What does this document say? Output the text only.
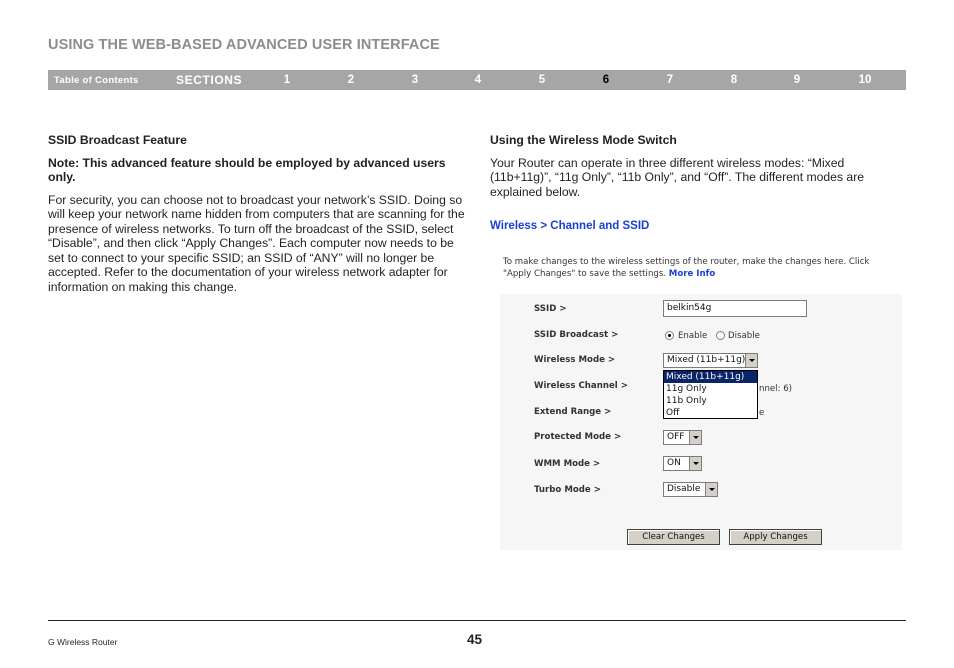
USING THE WEB-BASED ADVANCED USER INTERFACE
Table of Contents	SECTIONS	1	2	3	4	5	6	7	8	9	10
SSID Broadcast Feature
Note: This advanced feature should be employed by advanced users only.

For security, you can choose not to broadcast your network’s SSID. Doing so will keep your network name hidden from computers that are scanning for the presence of wireless networks. To turn off the broadcast of the SSID, select “Disable”, and then click “Apply Changes”. Each computer now needs to be set to connect to your specific SSID; an SSID of “ANY” will no longer be accepted. Refer to the documentation of your wireless network adapter for information on making this change.

Using the Wireless Mode Switch

Your Router can operate in three different wireless modes: “Mixed (11b+11g)”, “11g Only”, “11b Only”, and “Off”. The different modes are explained below.

Wireless > Channel and SSID
To make changes to the wireless settings of the router, make the changes here. Click "Apply Changes" to save the settings. More Info
SSID >	belkin54g
SSID Broadcast >	Enable Disable
Wireless Mode >	Mixed (11b+11g)
Mixed (11b+11g)
11g Only
11b Only
Off
Wireless Channel >	nnel: 6)
Extend Range >	e
Protected Mode >	OFF
WMM Mode >	ON
Turbo Mode >	Disable
Clear Changes	Apply Changes
G Wireless Router	45
